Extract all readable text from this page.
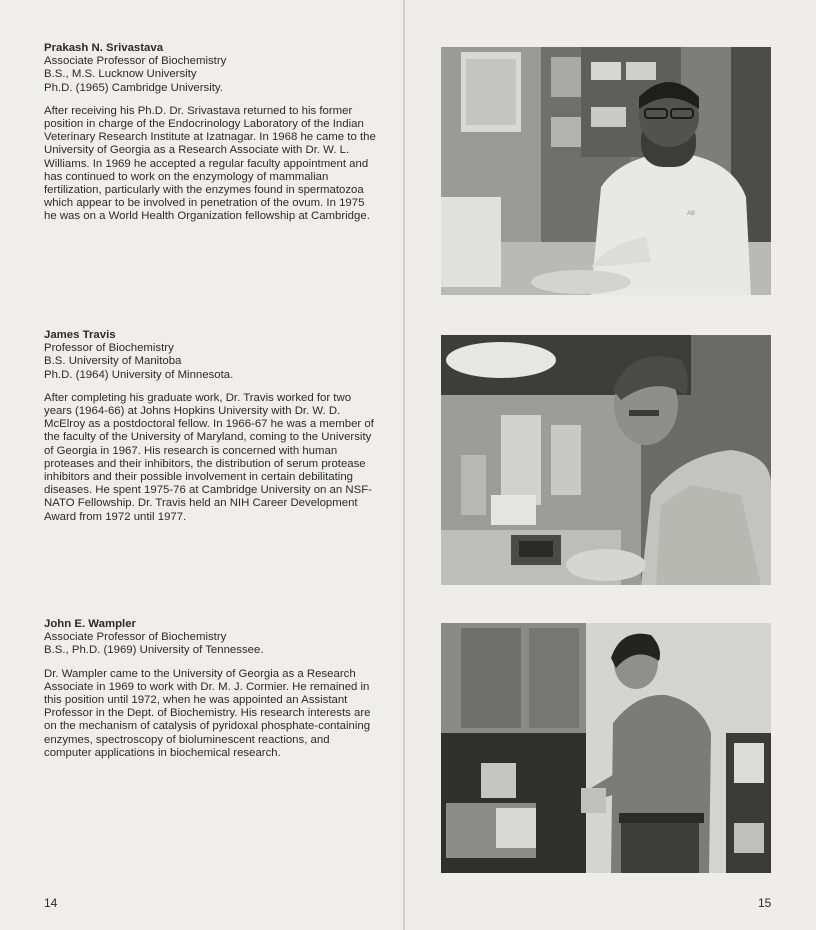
Prakash N. Srivastava
Associate Professor of Biochemistry
B.S., M.S. Lucknow University
Ph.D. (1965) Cambridge University.

After receiving his Ph.D. Dr. Srivastava returned to his former position in charge of the Endocrinology Laboratory of the Indian Veterinary Research Institute at Izatnagar. In 1968 he came to the University of Georgia as a Research Associate with Dr. W. L. Williams. In 1969 he accepted a regular faculty appointment and has continued to work on the enzymology of mammalian fertilization, particularly with the enzymes found in spermatozoa which appear to be involved in penetration of the ovum. In 1975 he was on a World Health Organization fellowship at Cambridge.

James Travis
Professor of Biochemistry
B.S. University of Manitoba
Ph.D. (1964) University of Minnesota.

After completing his graduate work, Dr. Travis worked for two years (1964-66) at Johns Hopkins University with Dr. W. D. McElroy as a postdoctoral fellow. In 1966-67 he was a member of the faculty of the University of Maryland, coming to the University of Georgia in 1967. His research is concerned with human proteases and their inhibitors, the distribution of serum protease inhibitors and their possible involvement in certain debilitating diseases. He spent 1975-76 at Cambridge University on an NSF-NATO Fellowship. Dr. Travis held an NIH Career Development Award from 1972 until 1977.

John E. Wampler
Associate Professor of Biochemistry
B.S., Ph.D. (1969) University of Tennessee.

Dr. Wampler came to the University of Georgia as a Research Associate in 1969 to work with Dr. M. J. Cormier. He remained in this position until 1972, when he was appointed an Assistant Professor in the Dept. of Biochemistry. His research interests are on the mechanism of catalysis of pyridoxal phosphate-containing enzymes, spectroscopy of bioluminescent reactions, and computer applications in biochemical research.

14
AB
15
